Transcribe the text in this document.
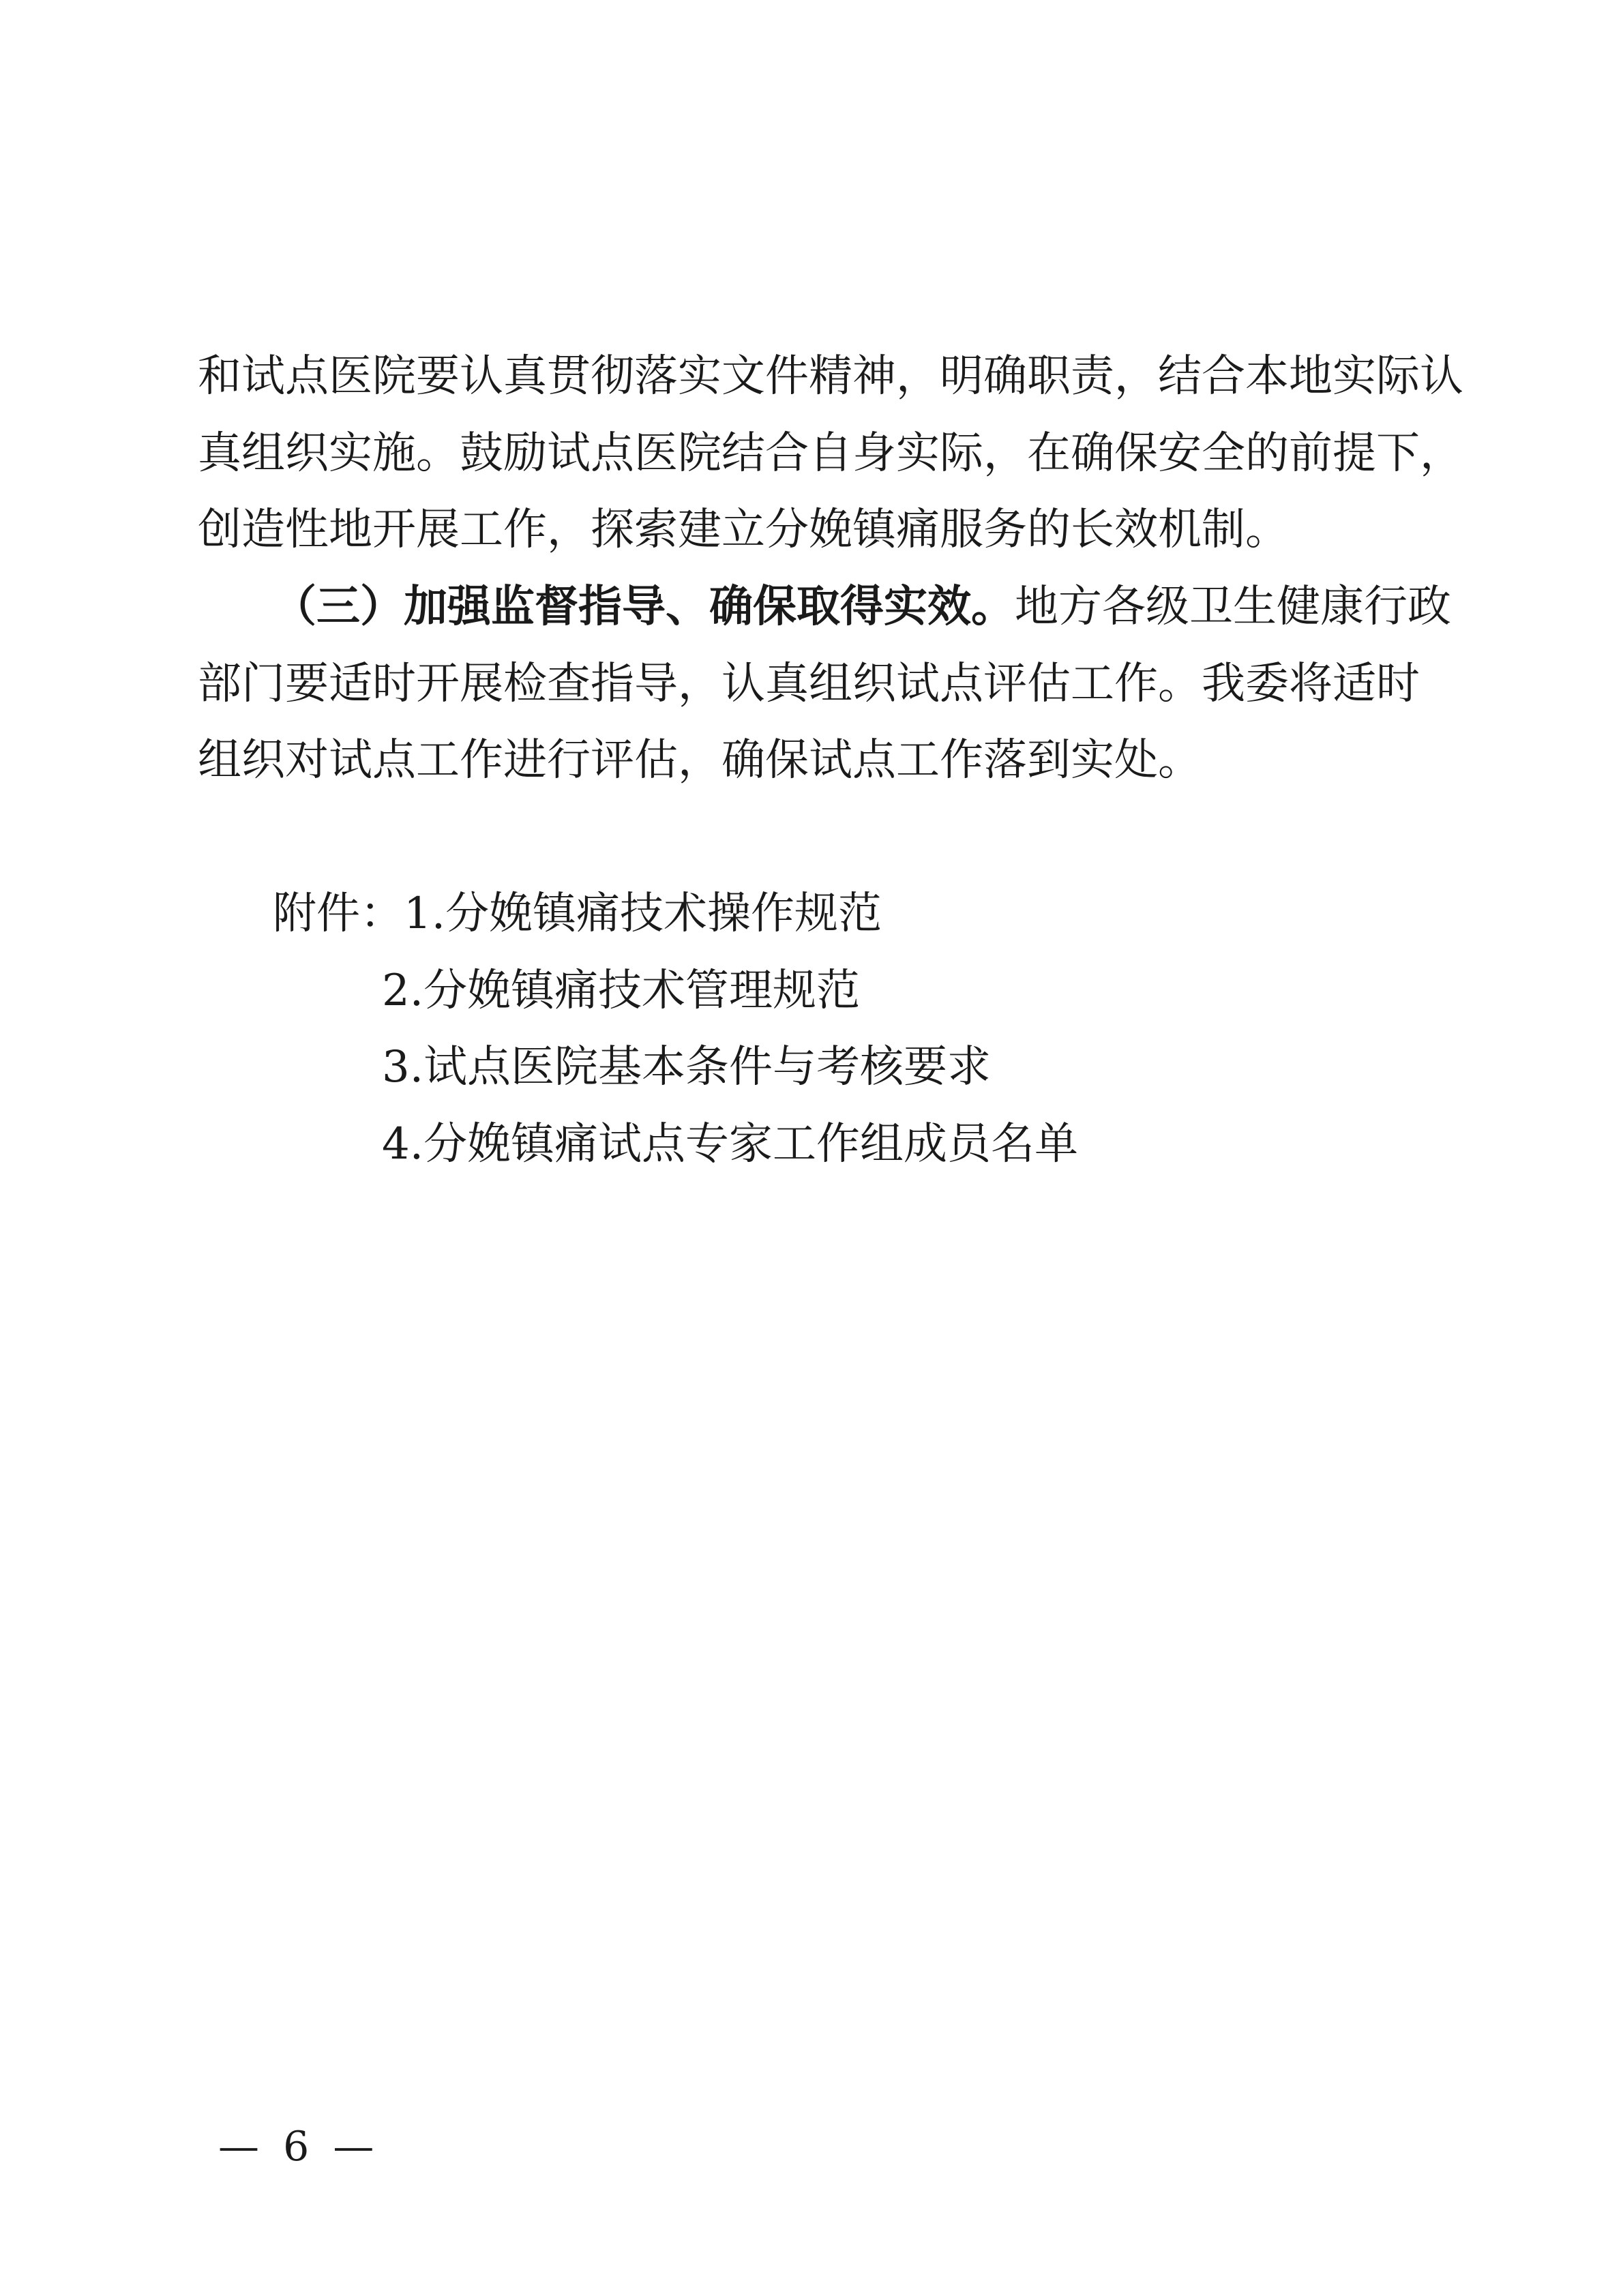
和试点医院要认真贯彻落实文件精神，明确职责，结合本地实际认
真组织实施。鼓励试点医院结合自身实际，在确保安全的前提下，
创造性地开展工作，探索建立分娩镇痛服务的长效机制。
（三）加强监督指导、确保取得实效。地方各级卫生健康行政
部门要适时开展检查指导，认真组织试点评估工作。我委将适时
组织对试点工作进行评估，确保试点工作落到实处。
附件：1.分娩镇痛技术操作规范
2.分娩镇痛技术管理规范
3.试点医院基本条件与考核要求
4.分娩镇痛试点专家工作组成员名单
— 6 —
